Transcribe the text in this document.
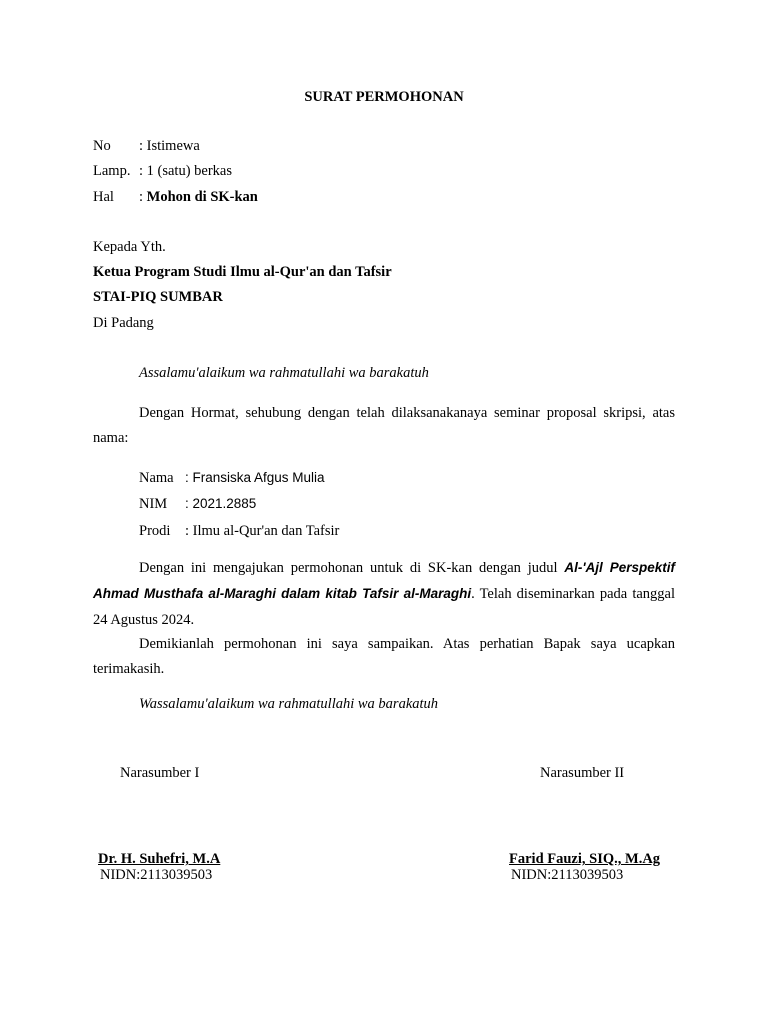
SURAT PERMOHONAN
No : Istimewa
Lamp. : 1 (satu) berkas
Hal : Mohon di SK-kan
Kepada Yth.
Ketua Program Studi Ilmu al-Qur'an dan Tafsir
STAI-PIQ SUMBAR
Di Padang
Assalamu'alaikum wa rahmatullahi wa barakatuh
Dengan Hormat, sehubung dengan telah dilaksanakanaya seminar proposal skripsi, atas nama:
Nama : Fransiska Afgus Mulia
NIM : 2021.2885
Prodi : Ilmu al-Qur'an dan Tafsir
Dengan ini mengajukan permohonan untuk di SK-kan dengan judul Al-'Ajl Perspektif Ahmad Musthafa al-Maraghi dalam kitab Tafsir al-Maraghi. Telah diseminarkan pada tanggal 24 Agustus 2024.
Demikianlah permohonan ini saya sampaikan. Atas perhatian Bapak saya ucapkan terimakasih.
Wassalamu'alaikum wa rahmatullahi wa barakatuh
Narasumber I	Narasumber II
Dr. H. Suhefri, M.A	Farid Fauzi, SIQ., M.Ag
NIDN:2113039503	NIDN:2113039503
